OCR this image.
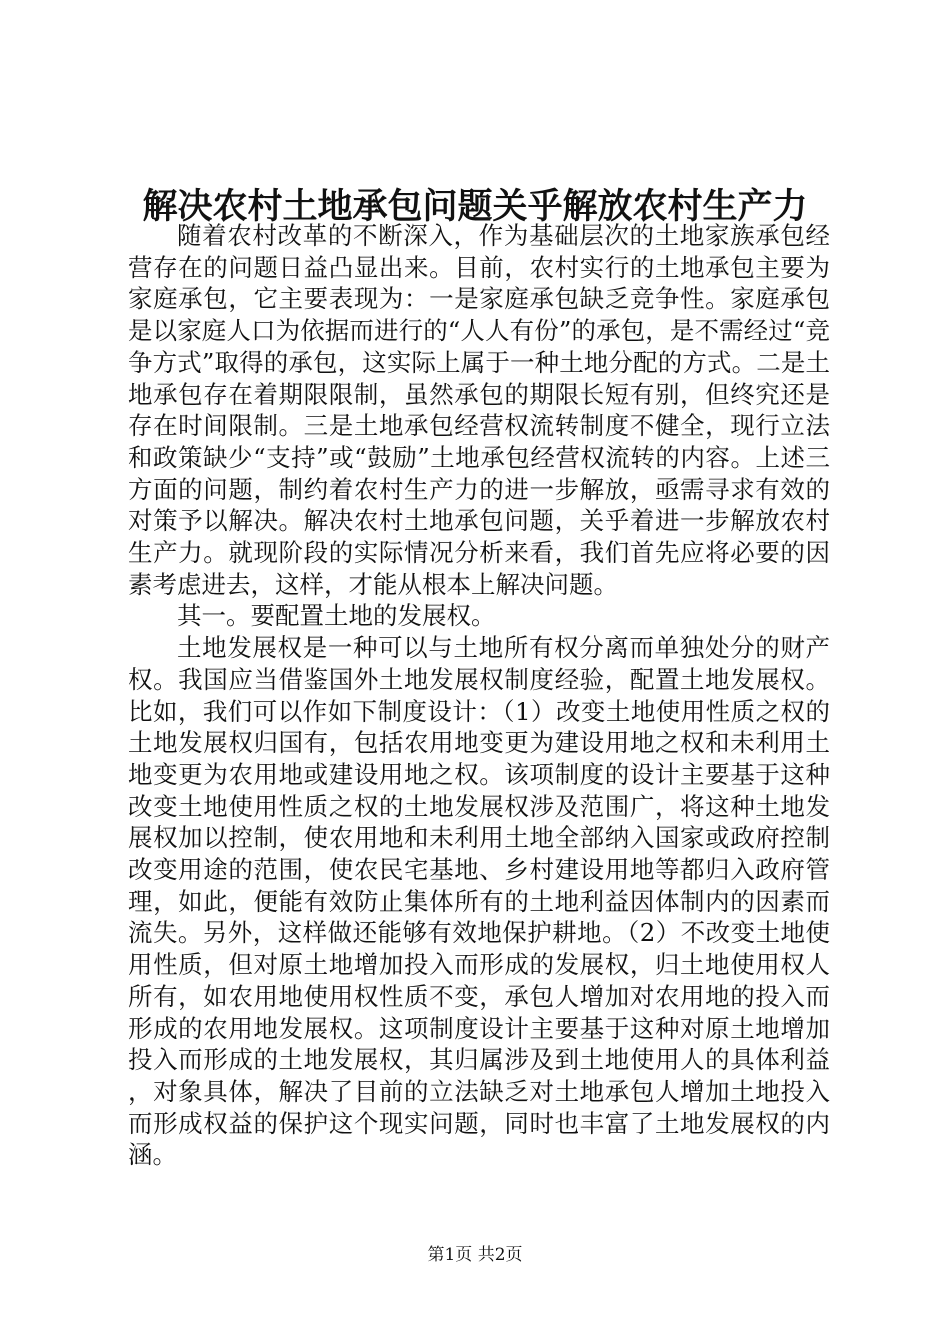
解决农村土地承包问题关乎解放农村生产力

随着农村改革的不断深入，作为基础层次的土地家族承包经营存在的问题日益凸显出来。目前，农村实行的土地承包主要为家庭承包，它主要表现为：一是家庭承包缺乏竞争性。家庭承包是以家庭人口为依据而进行的“人人有份”的承包，是不需经过“竞争方式”取得的承包，这实际上属于一种土地分配的方式。二是土地承包存在着期限限制，虽然承包的期限长短有别，但终究还是存在时间限制。三是土地承包经营权流转制度不健全，现行立法和政策缺少“支持”或“鼓励”土地承包经营权流转的内容。上述三方面的问题，制约着农村生产力的进一步解放，亟需寻求有效的对策予以解决。解决农村土地承包问题，关乎着进一步解放农村生产力。就现阶段的实际情况分析来看，我们首先应将必要的因素考虑进去，这样，才能从根本上解决问题。

其一。要配置土地的发展权。

土地发展权是一种可以与土地所有权分离而单独处分的财产权。我国应当借鉴国外土地发展权制度经验，配置土地发展权。比如，我们可以作如下制度设计：（1）改变土地使用性质之权的土地发展权归国有，包括农用地变更为建设用地之权和未利用土地变更为农用地或建设用地之权。该项制度的设计主要基于这种改变土地使用性质之权的土地发展权涉及范围广，将这种土地发展权加以控制，使农用地和未利用土地全部纳入国家或政府控制改变用途的范围，使农民宅基地、乡村建设用地等都归入政府管理，如此，便能有效防止集体所有的土地利益因体制内的因素而流失。另外，这样做还能够有效地保护耕地。（2）不改变土地使用性质，但对原土地增加投入而形成的发展权，归土地使用权人所有，如农用地使用权性质不变，承包人增加对农用地的投入而形成的农用地发展权。这项制度设计主要基于这种对原土地增加投入而形成的土地发展权，其归属涉及到土地使用人的具体利益，对象具体，解决了目前的立法缺乏对土地承包人增加土地投入而形成权益的保护这个现实问题，同时也丰富了土地发展权的内涵。

第1页 共2页
